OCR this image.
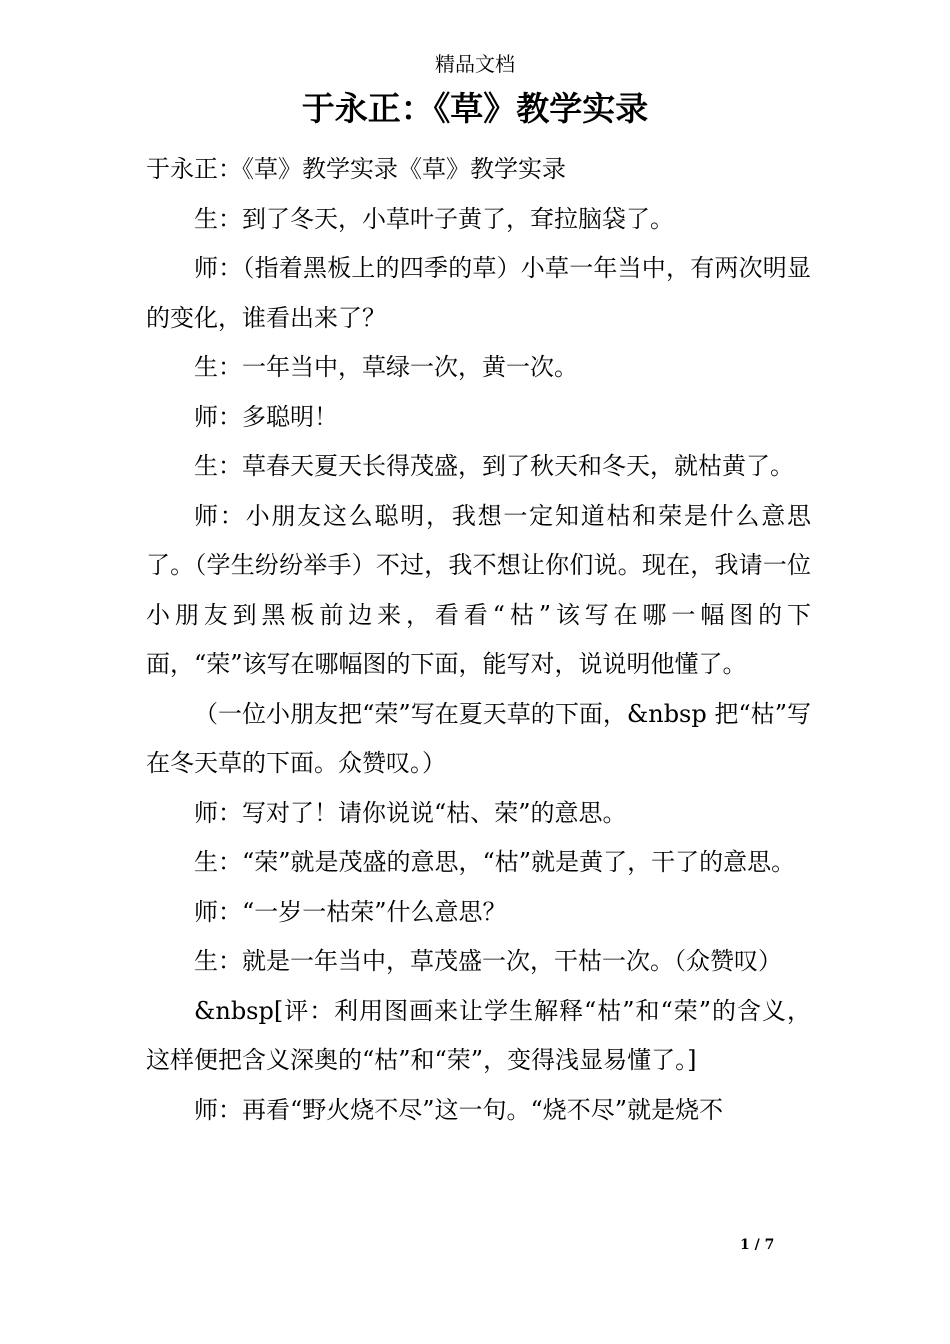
精品文档
于永正：《草》教学实录

于永正：《草》教学实录《草》教学实录

生：到了冬天，小草叶子黄了，耷拉脑袋了。

师：（指着黑板上的四季的草）小草一年当中，有两次明显的变化，谁看出来了？

生：一年当中，草绿一次，黄一次。

师：多聪明！

生：草春天夏天长得茂盛，到了秋天和冬天，就枯黄了。

师：小朋友这么聪明，我想一定知道枯和荣是什么意思了。（学生纷纷举手）不过，我不想让你们说。现在，我请一位小朋友到黑板前边来，看看“枯”该写在哪一幅图的下面，“荣”该写在哪幅图的下面，能写对，说说明他懂了。

（一位小朋友把“荣”写在夏天草的下面，&nbsp 把“枯”写在冬天草的下面。众赞叹。）

师：写对了！请你说说“枯、荣”的意思。

生：“荣”就是茂盛的意思，“枯”就是黄了，干了的意思。

师：“一岁一枯荣”什么意思？

生：就是一年当中，草茂盛一次，干枯一次。（众赞叹）

&nbsp[评：利用图画来让学生解释“枯”和“荣”的含义，这样便把含义深奥的“枯”和“荣”，变得浅显易懂了。]

师：再看“野火烧不尽”这一句。“烧不尽”就是烧不

1 / 7
